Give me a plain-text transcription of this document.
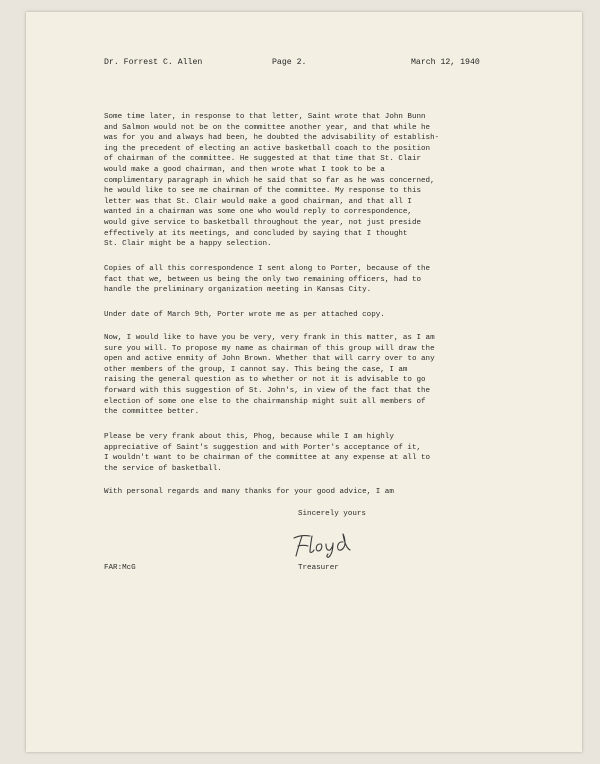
Dr. Forrest C. Allen	Page 2.	March 12, 1940

Some time later, in response to that letter, Saint wrote that John Bunn
and Salmon would not be on the committee another year, and that while he
was for you and always had been, he doubted the advisability of establish-
ing the precedent of electing an active basketball coach to the position
of chairman of the committee. He suggested at that time that St. Clair
would make a good chairman, and then wrote what I took to be a
complimentary paragraph in which he said that so far as he was concerned,
he would like to see me chairman of the committee. My response to this
letter was that St. Clair would make a good chairman, and that all I
wanted in a chairman was some one who would reply to correspondence,
would give service to basketball throughout the year, not just preside
effectively at its meetings, and concluded by saying that I thought
St. Clair might be a happy selection.

Copies of all this correspondence I sent along to Porter, because of the
fact that we, between us being the only two remaining officers, had to
handle the preliminary organization meeting in Kansas City.

Under date of March 9th, Porter wrote me as per attached copy.

Now, I would like to have you be very, very frank in this matter, as I am
sure you will. To propose my name as chairman of this group will draw the
open and active enmity of John Brown. Whether that will carry over to any
other members of the group, I cannot say. This being the case, I am
raising the general question as to whether or not it is advisable to go
forward with this suggestion of St. John's, in view of the fact that the
election of some one else to the chairmanship might suit all members of
the committee better.

Please be very frank about this, Phog, because while I am highly
appreciative of Saint's suggestion and with Porter's acceptance of it,
I wouldn't want to be chairman of the committee at any expense at all to
the service of basketball.

With personal regards and many thanks for your good advice, I am

Sincerely yours

FAR:McG	Treasurer
